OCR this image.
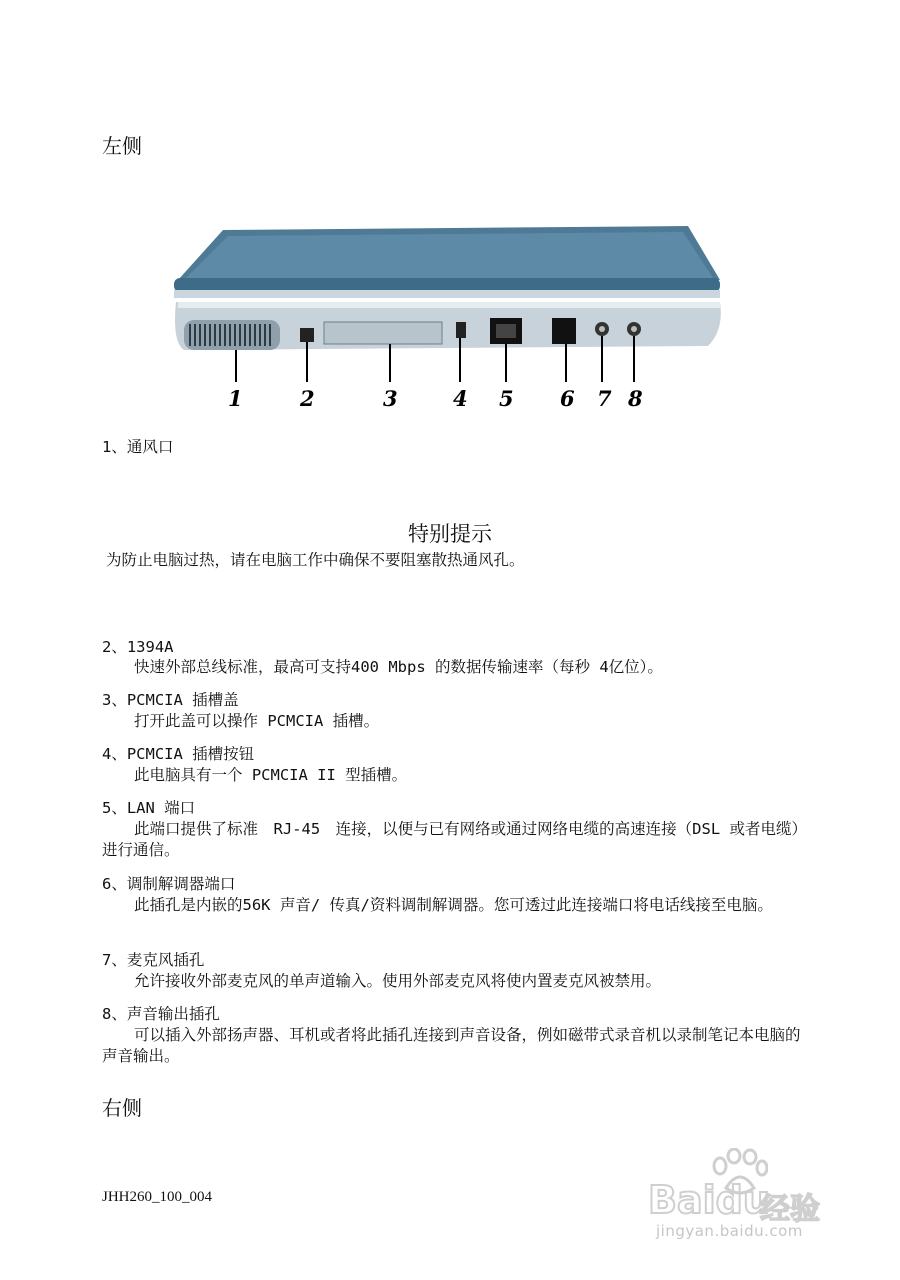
左侧
1	2	3	4 5 6 7 8
1、通风口
特别提示
为防止电脑过热，请在电脑工作中确保不要阻塞散热通风孔。
2、1394A
快速外部总线标准，最高可支持400 Mbps 的数据传输速率（每秒 4亿位）。
3、PCMCIA 插槽盖
打开此盖可以操作 PCMCIA 插槽。
4、PCMCIA 插槽按钮
此电脑具有一个 PCMCIA II 型插槽。
5、LAN 端口
此端口提供了标准　RJ-45　连接，以便与已有网络或通过网络电缆的高速连接（DSL 或者电缆）进行通信。
6、调制解调器端口
此插孔是内嵌的56K 声音/ 传真/资料调制解调器。您可透过此连接端口将电话线接至电脑。
7、麦克风插孔
允许接收外部麦克风的单声道输入。使用外部麦克风将使内置麦克风被禁用。
8、声音输出插孔
可以插入外部扬声器、耳机或者将此插孔连接到声音设备，例如磁带式录音机以录制笔记本电脑的声音输出。
右侧
JHH260_100_004	Baidu
经验
jingyan.baidu.com
